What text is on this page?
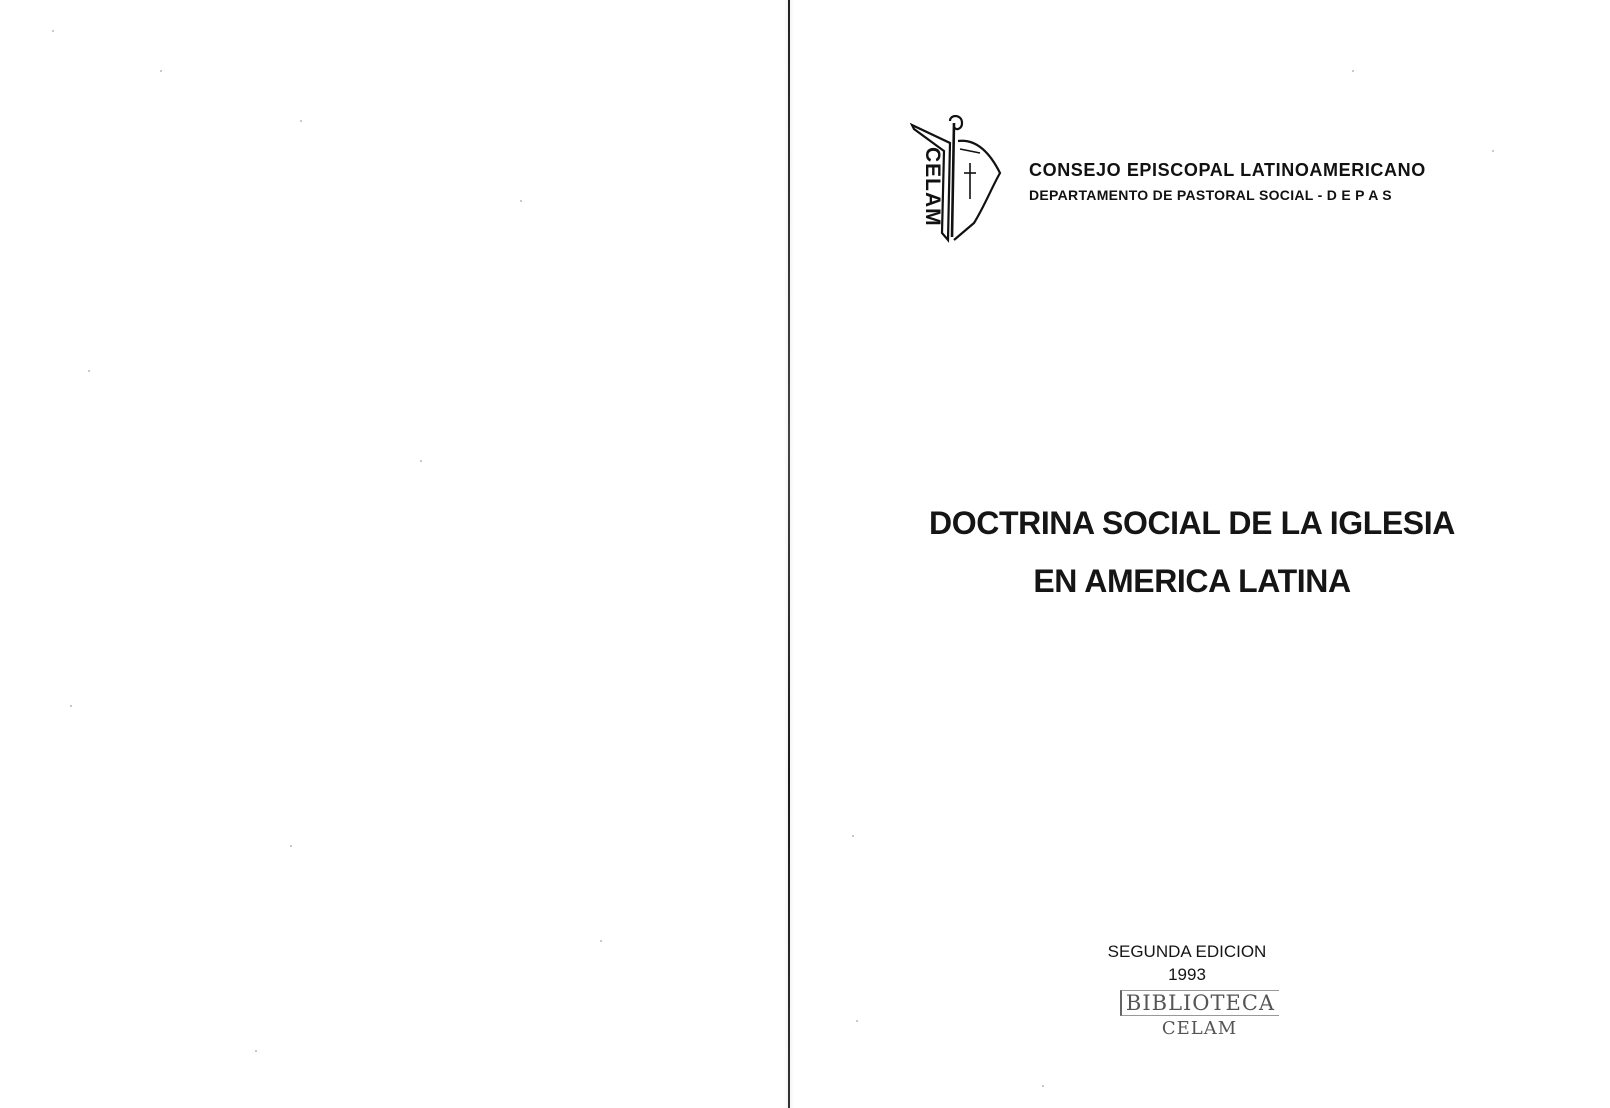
CELAM	CONSEJO EPISCOPAL LATINOAMERICANO
DEPARTAMENTO DE PASTORAL SOCIAL - D E P A S
DOCTRINA SOCIAL DE LA IGLESIA
EN AMERICA LATINA
SEGUNDA EDICION
1993
BIBLIOTECA
CELAM
